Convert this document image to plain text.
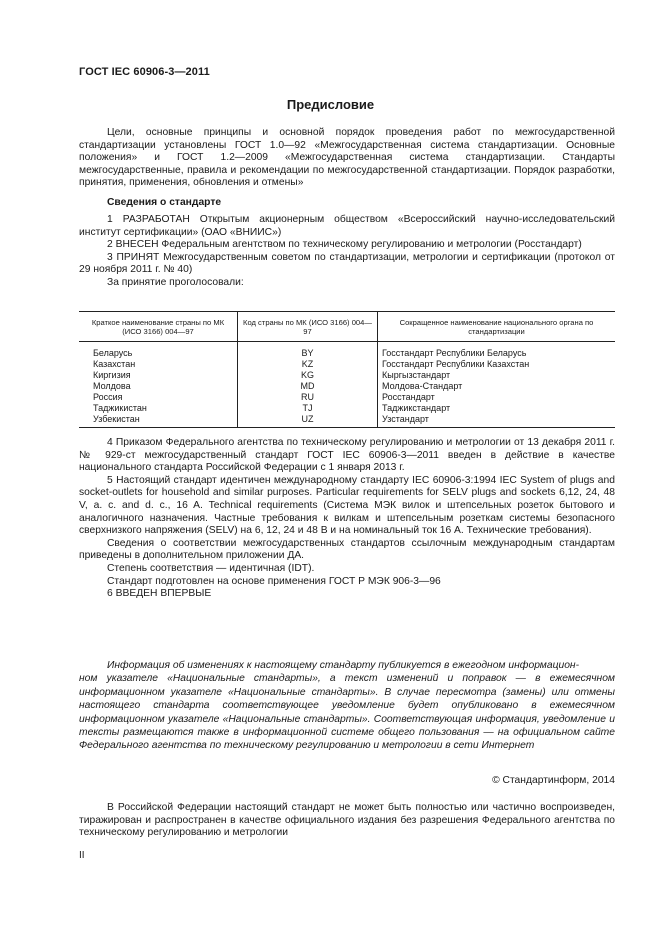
ГОСТ IEC 60906-3—2011
Предисловие

Цели, основные принципы и основной порядок проведения работ по межгосударственной стандартизации установлены ГОСТ 1.0—92 «Межгосударственная система стандартизации. Основные положения» и ГОСТ 1.2—2009 «Межгосударственная система стандартизации. Стандарты межгосударственные, правила и рекомендации по межгосударственной стандартизации. Порядок разработки, принятия, применения, обновления и отмены»

Сведения о стандарте

1 РАЗРАБОТАН Открытым акционерным обществом «Всероссийский научно-исследовательский институт сертификации» (ОАО «ВНИИС»)

2 ВНЕСЕН Федеральным агентством по техническому регулированию и метрологии (Росстандарт)

3 ПРИНЯТ Межгосударственным советом по стандартизации, метрологии и сертификации (протокол от 29 ноября 2011 г. № 40)

За принятие проголосовали:

Краткое наименование страны по МК (ИСО 3166) 004—97	Код страны по МК (ИСО 3166) 004—97	Сокращенное наименование национального органа по стандартизации
Беларусь	BY	Госстандарт Республики Беларусь
Казахстан	KZ	Госстандарт Республики Казахстан
Киргизия	KG	Кыргызстандарт
Молдова	MD	Молдова-Стандарт
Россия	RU	Росстандарт
Таджикистан	TJ	Таджикстандарт
Узбекистан	UZ	Узстандарт

4 Приказом Федерального агентства по техническому регулированию и метрологии от 13 декабря 2011 г. № 929-ст межгосударственный стандарт ГОСТ IEC 60906-3—2011 введен в действие в качестве национального стандарта Российской Федерации с 1 января 2013 г.

5 Настоящий стандарт идентичен международному стандарту IEC 60906-3:1994 IEC System of plugs and socket-outlets for household and similar purposes. Particular requirements for SELV plugs and sockets 6,12, 24, 48 V, a. c. and d. c., 16 A. Technical requirements (Система МЭК вилок и штепсельных розеток бытового и аналогичного назначения. Частные требования к вилкам и штепсельным розеткам системы безопасного сверхнизкого напряжения (SELV) на 6, 12, 24 и 48 В и на номинальный ток 16 А. Технические требования).

Сведения о соответствии межгосударственных стандартов ссылочным международным стандартам приведены в дополнительном приложении ДА.

Степень соответствия — идентичная (IDT).

Стандарт подготовлен на основе применения ГОСТ Р МЭК 906-3—96

6 ВВЕДЕН ВПЕРВЫЕ

Информация об изменениях к настоящему стандарту публикуется в ежегодном информацион-
ном указателе «Национальные стандарты», а текст изменений и поправок — в ежемесячном информационном указателе «Национальные стандарты». В случае пересмотра (замены) или отмены настоящего стандарта соответствующее уведомление будет опубликовано в ежемесячном информационном указателе «Национальные стандарты». Соответствующая информация, уведомление и тексты размещаются также в информационной системе общего пользования — на официальном сайте Федерального агентства по техническому регулированию и метрологии в сети Интернет
© Стандартинформ, 2014

В Российской Федерации настоящий стандарт не может быть полностью или частично воспроизведен, тиражирован и распространен в качестве официального издания без разрешения Федерального агентства по техническому регулированию и метрологии

II
